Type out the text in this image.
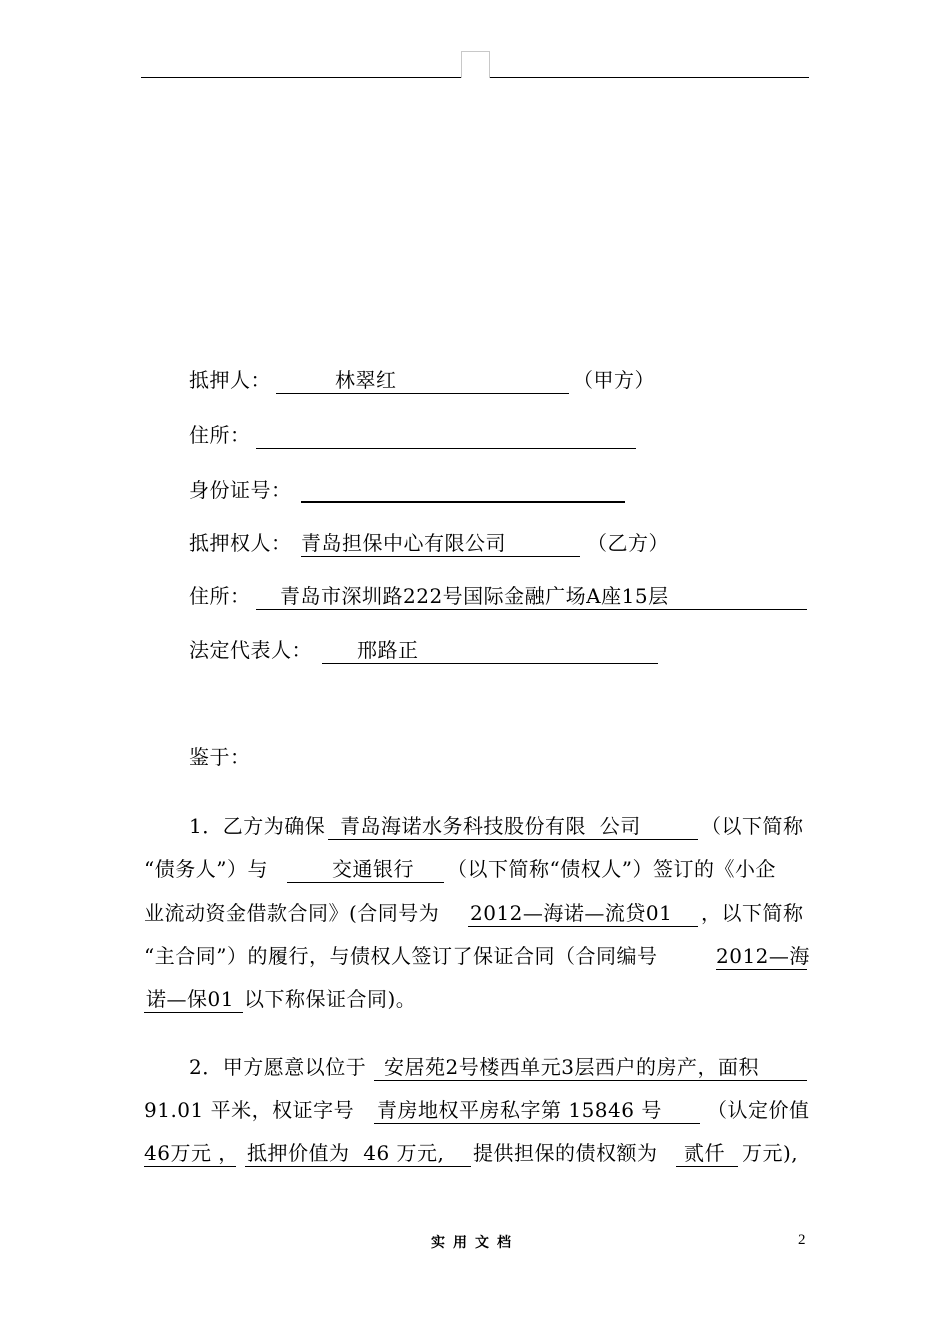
抵押人：	林翠红	（甲方）
住所：
身份证号：
抵押权人： 青岛担保中心有限公司	（乙方）
住所： 青岛市深圳路222号国际金融广场A座15层
法定代表人： 邢路正
鉴于：
1．乙方为确保 青岛海诺水务科技股份有限  公司	（以下简称
“债务人”）与	交通银行 （以下简称“债权人”）签订的《小企
业流动资金借款合同》(合同号为 2012—海诺—流贷01 ，以下简称
“主合同”）的履行，与债权人签订了保证合同（合同编号	2012—海
诺—保01 以下称保证合同)。
2．甲方愿意以位于 安居苑2号楼西单元3层西户的房产，面积
91.01 平米，权证字号 青房地权平房私字第 15846 号 （认定价值
46万元 ， 抵押价值为  46 万元, 提供担保的债权额为 贰仟 万元),
实用文档	2
